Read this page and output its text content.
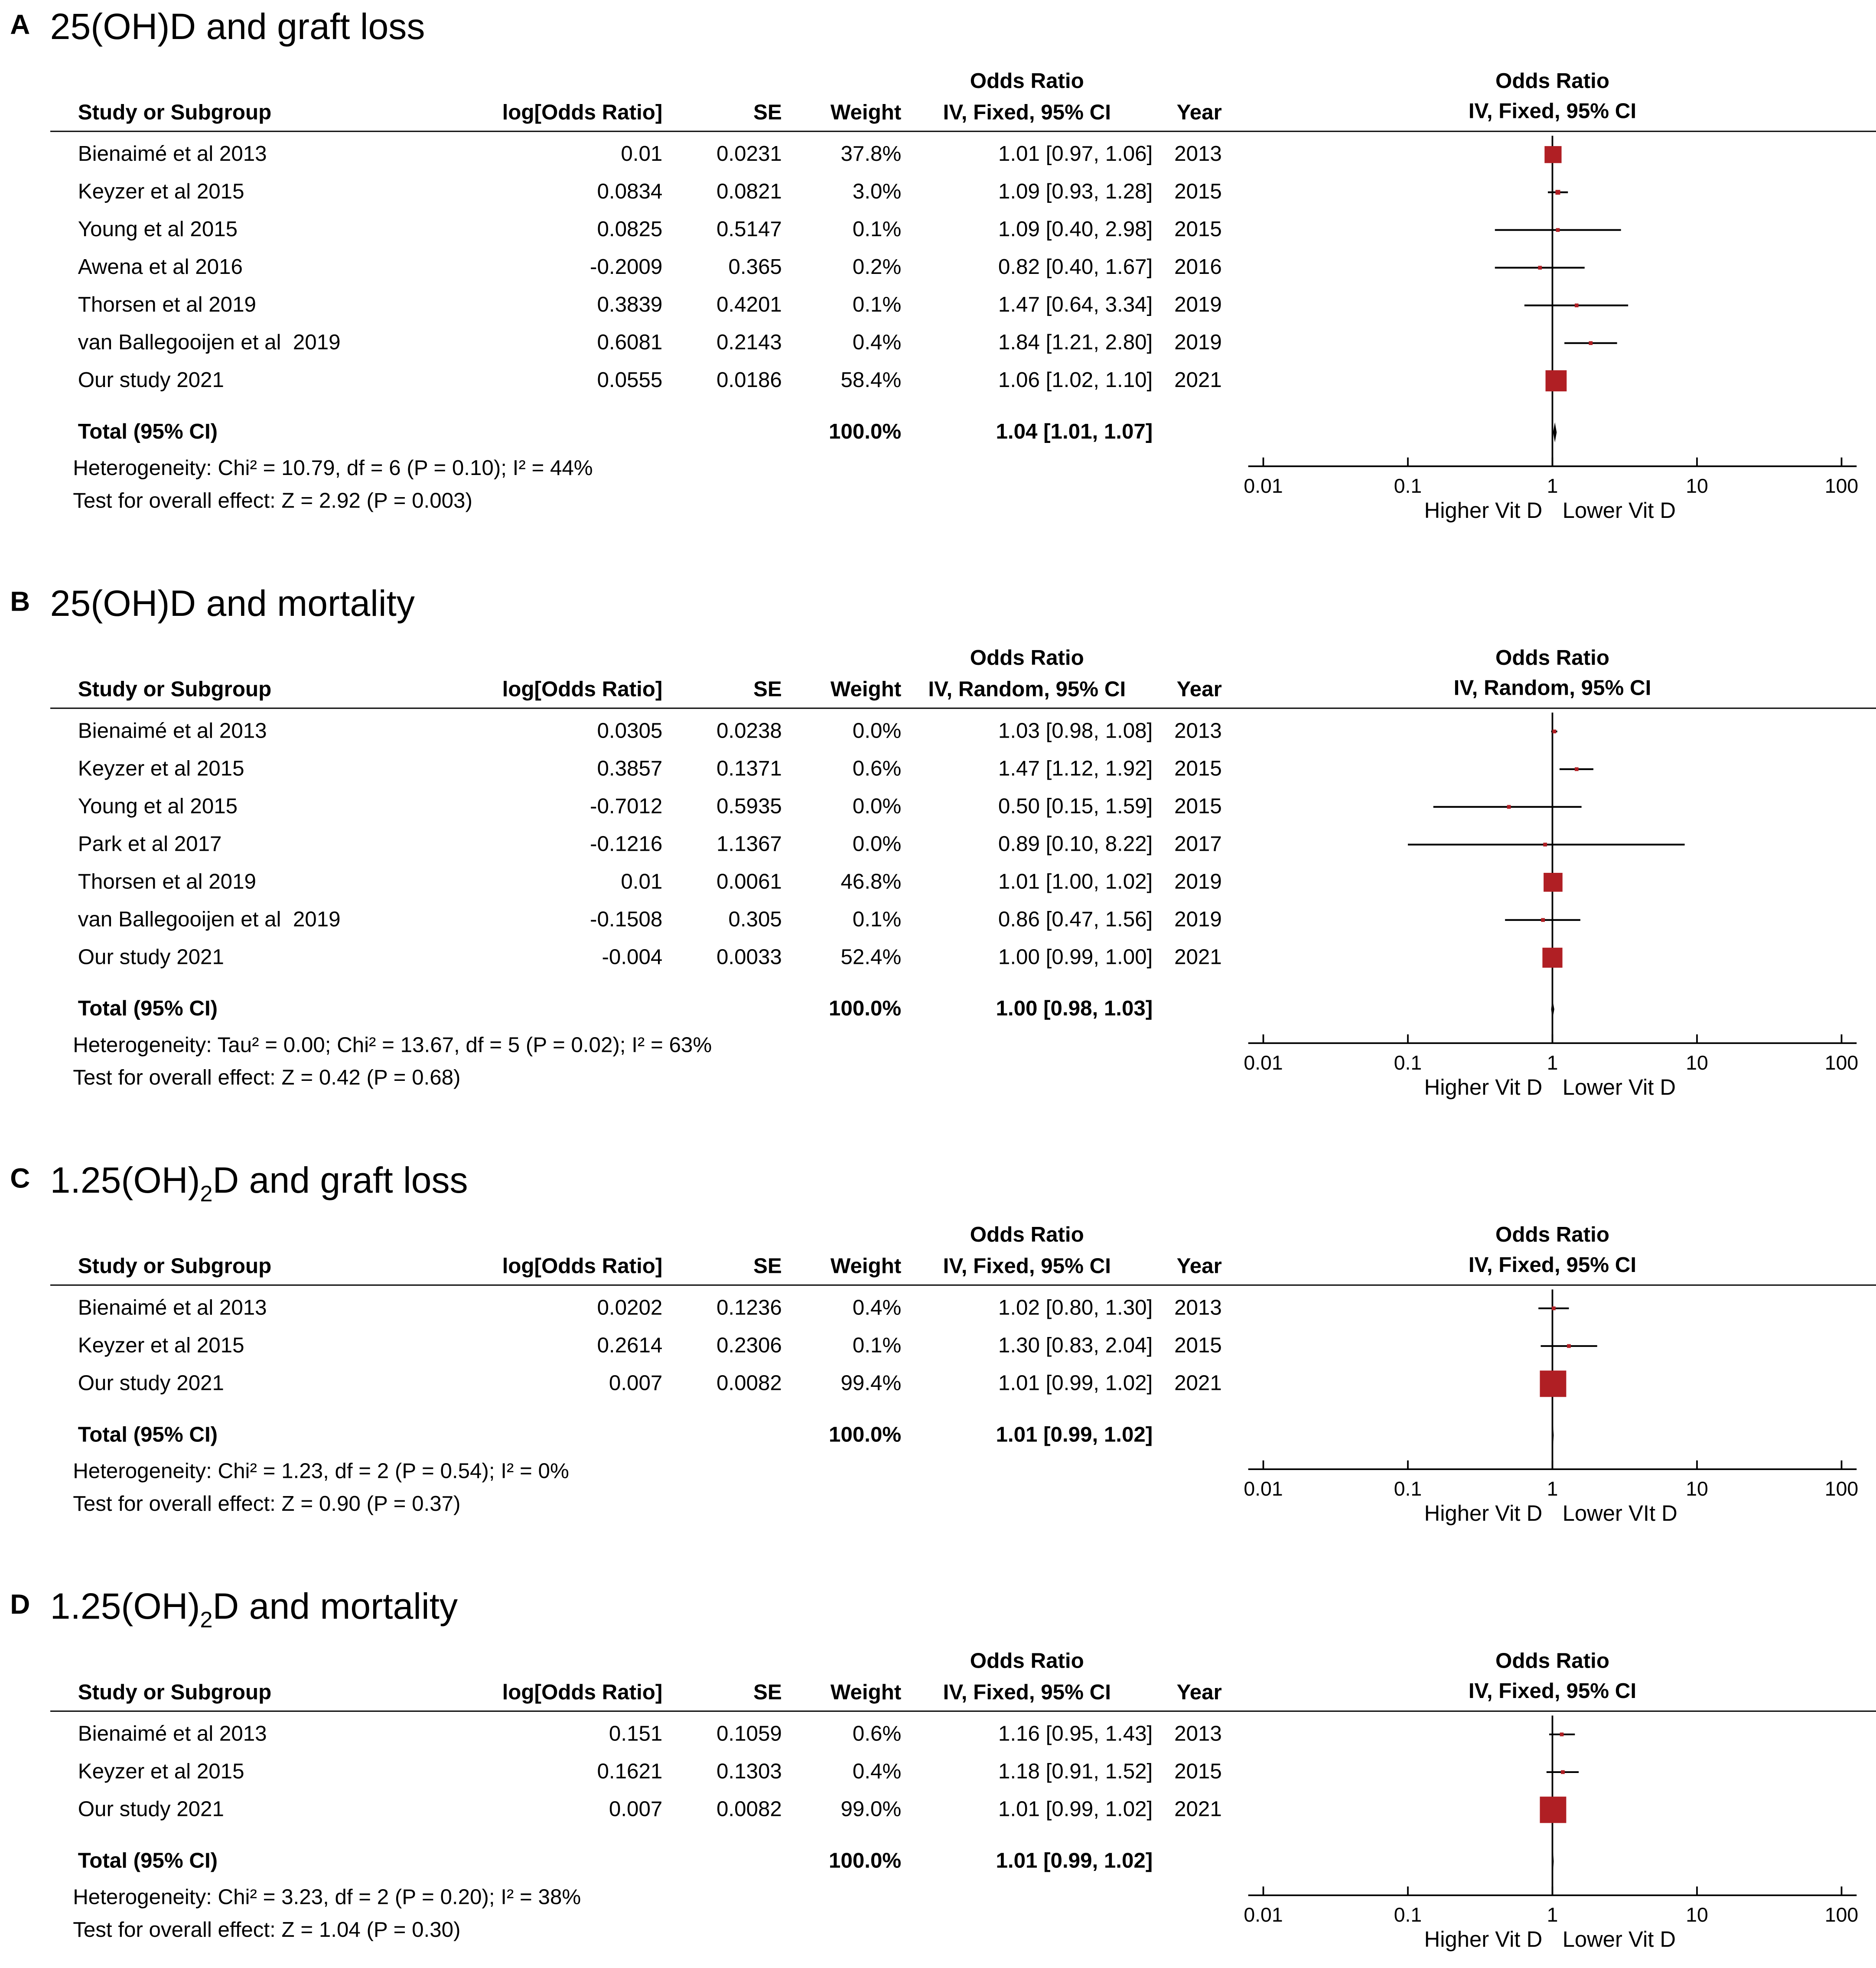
A 25(OH)D and graft loss
Odds Ratio	Odds Ratio
Study or Subgroup	log[Odds Ratio]	SE	Weight	IV, Fixed, 95% CI	Year	IV, Fixed, 95% CI
Bienaimé et al 2013	0.01	0.0231	37.8%	1.01 [0.97, 1.06]	2013
Keyzer et al 2015	0.0834	0.0821	3.0%	1.09 [0.93, 1.28]	2015
Young et al 2015	0.0825	0.5147	0.1%	1.09 [0.40, 2.98]	2015
Awena et al 2016	-0.2009	0.365	0.2%	0.82 [0.40, 1.67]	2016
Thorsen et al 2019	0.3839	0.4201	0.1%	1.47 [0.64, 3.34]	2019
van Ballegooijen et al  2019	0.6081	0.2143	0.4%	1.84 [1.21, 2.80]	2019
Our study 2021	0.0555	0.0186	58.4%	1.06 [1.02, 1.10]	2021
Total (95% CI)	100.0%	1.04 [1.01, 1.07]
Heterogeneity: Chi² = 10.79, df = 6 (P = 0.10); I² = 44%
Test for overall effect: Z = 2.92 (P = 0.003)
0.01	0.1	1	10	100
Higher Vit D	Lower Vit D
B 25(OH)D and mortality
Odds Ratio	Odds Ratio
Study or Subgroup	log[Odds Ratio]	SE	Weight	IV, Random, 95% CI	Year	IV, Random, 95% CI
Bienaimé et al 2013	0.0305	0.0238	0.0%	1.03 [0.98, 1.08]	2013
Keyzer et al 2015	0.3857	0.1371	0.6%	1.47 [1.12, 1.92]	2015
Young et al 2015	-0.7012	0.5935	0.0%	0.50 [0.15, 1.59]	2015
Park et al 2017	-0.1216	1.1367	0.0%	0.89 [0.10, 8.22]	2017
Thorsen et al 2019	0.01	0.0061	46.8%	1.01 [1.00, 1.02]	2019
van Ballegooijen et al  2019	-0.1508	0.305	0.1%	0.86 [0.47, 1.56]	2019
Our study 2021	-0.004	0.0033	52.4%	1.00 [0.99, 1.00]	2021
Total (95% CI)	100.0%	1.00 [0.98, 1.03]
Heterogeneity: Tau² = 0.00; Chi² = 13.67, df = 5 (P = 0.02); I² = 63%
Test for overall effect: Z = 0.42 (P = 0.68)
0.01	0.1	1	10	100
Higher Vit D	Lower Vit D
C $1.25(OH)_2D$ and graft loss
Odds Ratio	Odds Ratio
Study or Subgroup	log[Odds Ratio]	SE	Weight	IV, Fixed, 95% CI	Year	IV, Fixed, 95% CI
Bienaimé et al 2013	0.0202	0.1236	0.4%	1.02 [0.80, 1.30]	2013
Keyzer et al 2015	0.2614	0.2306	0.1%	1.30 [0.83, 2.04]	2015
Our study 2021	0.007	0.0082	99.4%	1.01 [0.99, 1.02]	2021
Total (95% CI)	100.0%	1.01 [0.99, 1.02]
Heterogeneity: Chi² = 1.23, df = 2 (P = 0.54); I² = 0%
Test for overall effect: Z = 0.90 (P = 0.37)
0.01	0.1	1	10	100
Higher Vit D	Lower VIt D
D $1.25(OH)_2D$ and mortality
Odds Ratio	Odds Ratio
Study or Subgroup	log[Odds Ratio]	SE	Weight	IV, Fixed, 95% CI	Year	IV, Fixed, 95% CI
Bienaimé et al 2013	0.151	0.1059	0.6%	1.16 [0.95, 1.43]	2013
Keyzer et al 2015	0.1621	0.1303	0.4%	1.18 [0.91, 1.52]	2015
Our study 2021	0.007	0.0082	99.0%	1.01 [0.99, 1.02]	2021
Total (95% CI)	100.0%	1.01 [0.99, 1.02]
Heterogeneity: Chi² = 3.23, df = 2 (P = 0.20); I² = 38%
Test for overall effect: Z = 1.04 (P = 0.30)
0.01	0.1	1	10	100
Higher Vit D	Lower Vit D
